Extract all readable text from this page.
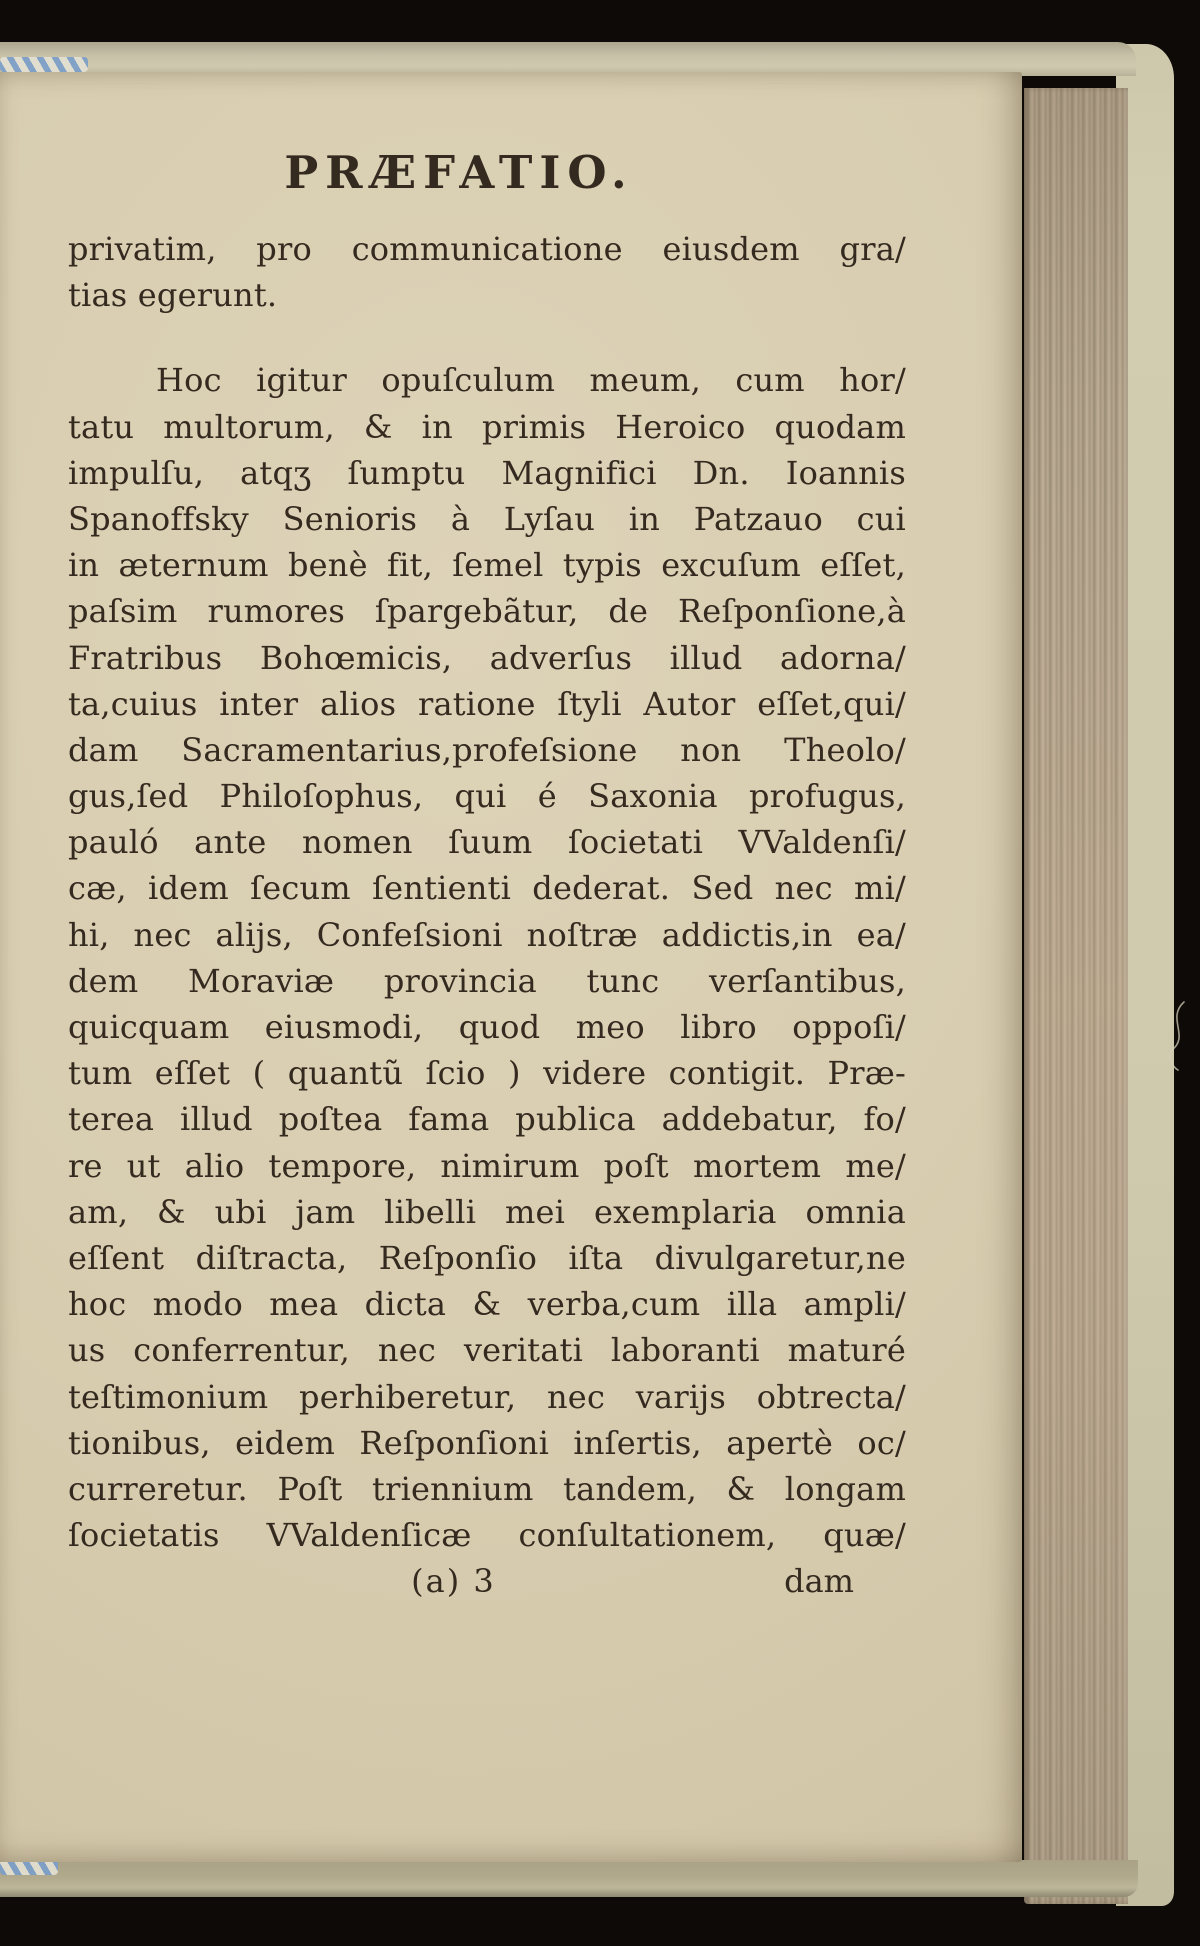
PRÆFATIO.
privatim, pro communicatione eiusdem gra/
tias egerunt.
Hoc igitur opuſculum meum, cum hor/
tatu multorum, & in primis Heroico quodam
impulſu, atqʒ ſumptu Magnifici Dn. Ioannis
Spanoffsky Senioris à Lyſau in Patzauo cui
in æternum benè fit, ſemel typis excuſum eſſet,
paſsim rumores ſpargebãtur, de Reſponſione,à
Fratribus Bohœmicis, adverſus illud adorna/
ta,cuius inter alios ratione ſtyli Autor eſſet,qui/
dam Sacramentarius,profeſsione non Theolo/
gus,ſed Philoſophus, qui é Saxonia profugus,
pauló ante nomen ſuum ſocietati VValdenſi/
cæ, idem ſecum ſentienti dederat. Sed nec mi/
hi, nec alijs, Confeſsioni noſtræ addictis,in ea/
dem Moraviæ provincia tunc verſantibus,
quicquam eiusmodi, quod meo libro oppoſi/
tum eſſet ( quantũ ſcio ) videre contigit. Præ-
terea illud poſtea fama publica addebatur, fo/
re ut alio tempore, nimirum poſt mortem me/
am, & ubi jam libelli mei exemplaria omnia
eſſent diſtracta, Reſponſio iſta divulgaretur,ne
hoc modo mea dicta & verba,cum illa ampli/
us conferrentur, nec veritati laboranti maturé
teſtimonium perhiberetur, nec varijs obtrecta/
tionibus, eidem Reſponſioni inſertis, apertè oc/
curreretur. Poſt triennium tandem, & longam
ſocietatis VValdenſicæ conſultationem, quæ/
(a) 3	dam
